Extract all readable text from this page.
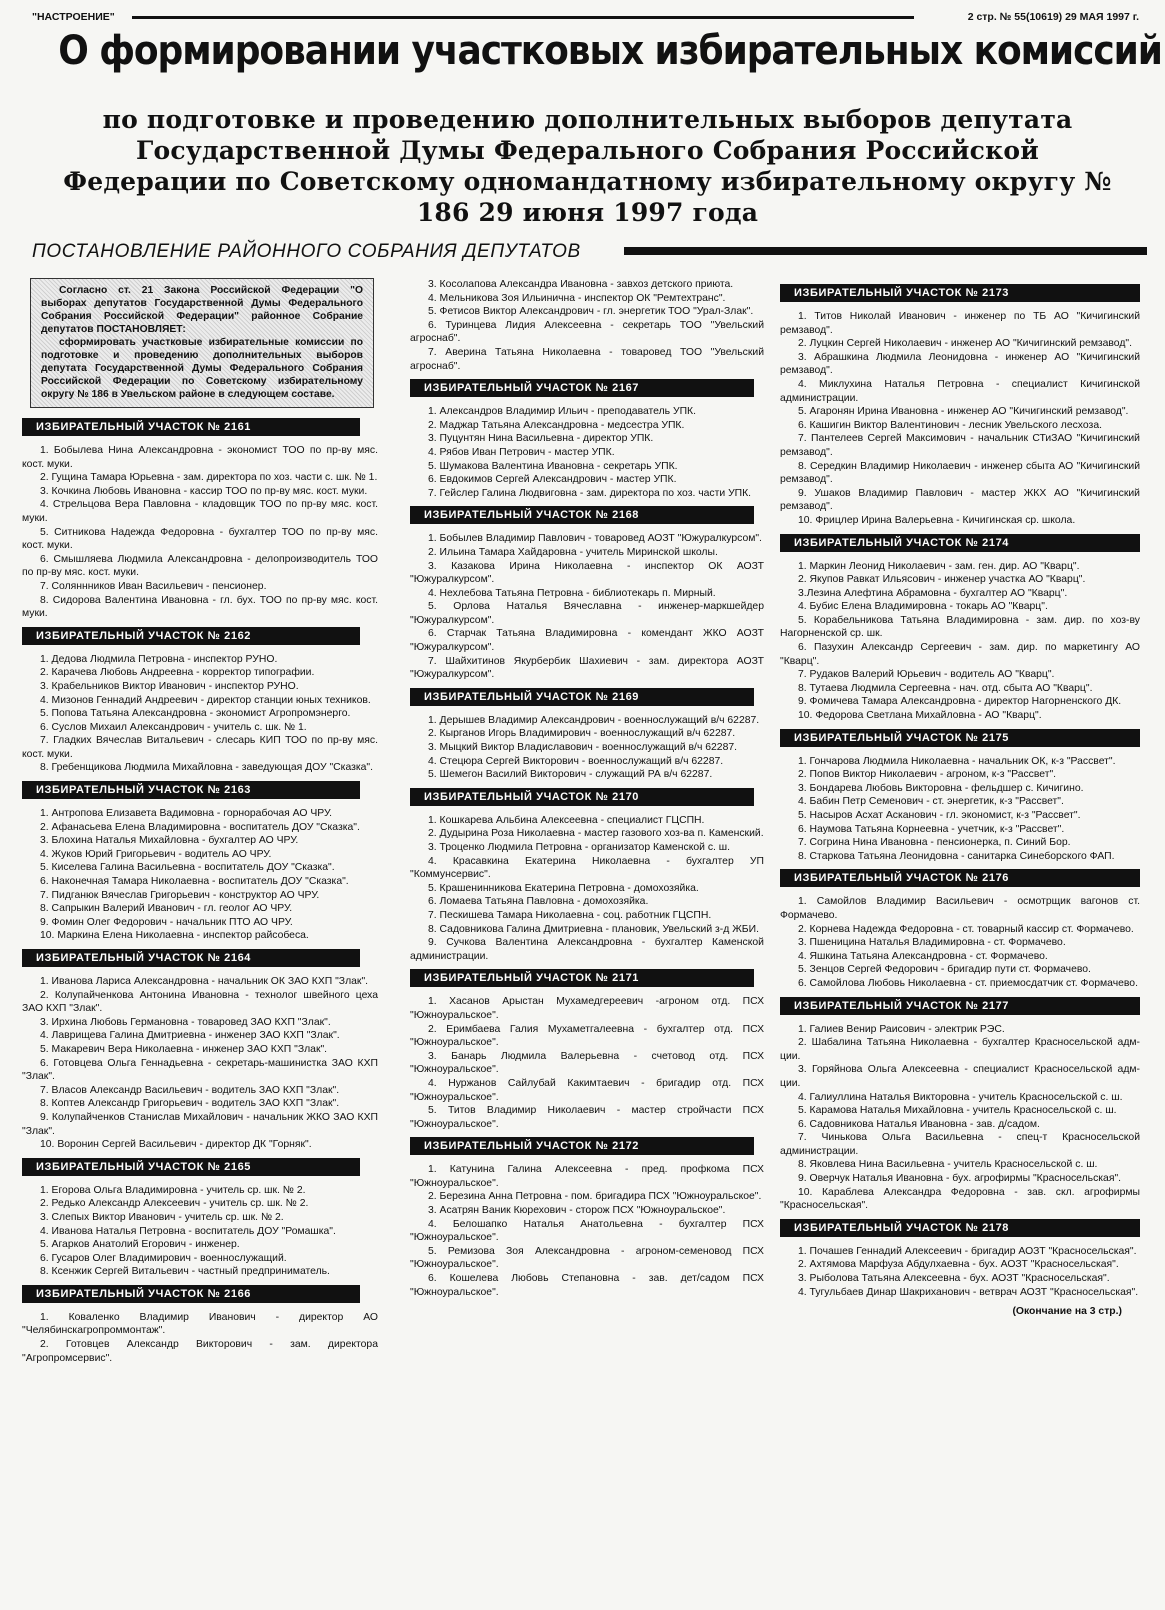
"НАСТРОЕНИЕ"	2 стр. № 55(10619) 29 МАЯ 1997 г.
О формировании участковых избирательных комиссий
по подготовке и проведению дополнительных выборов депутата Государственной Думы Федерального Собрания Российской Федерации по Советскому одномандатному избирательному округу № 186 29 июня 1997 года
ПОСТАНОВЛЕНИЕ РАЙОННОГО СОБРАНИЯ ДЕПУТАТОВ

Согласно ст. 21 Закона Российской Федерации "О выборах депутатов Государственной Думы Федерального Собрания Российской Федерации" районное Собрание депутатов ПОСТАНОВЛЯЕТ:

сформировать участковые избирательные комиссии по подготовке и проведению дополнительных выборов депутата Государственной Думы Федерального Собрания Российской Федерации по Советскому избирательному округу № 186 в Увельском районе в следующем составе.

ИЗБИРАТЕЛЬНЫЙ УЧАСТОК № 2161

1. Бобылева Нина Александровна - экономист ТОО по пр-ву мяс. кост. муки.

2. Гущина Тамара Юрьевна - зам. директора по хоз. части с. шк. № 1.

3. Кочкина Любовь Ивановна - кассир ТОО по пр-ву мяс. кост. муки.

4. Стрельцова Вера Павловна - кладовщик ТОО по пр-ву мяс. кост. муки.

5. Ситникова Надежда Федоровна - бухгалтер ТОО по пр-ву мяс. кост. муки.

6. Смышляева Людмила Александровна - делопроизводитель ТОО по пр-ву мяс. кост. муки.

7. Соляннников Иван Васильевич - пенсионер.

8. Сидорова Валентина Ивановна - гл. бух. ТОО по пр-ву мяс. кост. муки.

ИЗБИРАТЕЛЬНЫЙ УЧАСТОК № 2162

1. Дедова Людмила Петровна - инспектор РУНО.

2. Карачева Любовь Андреевна - корректор типографии.

3. Крабельников Виктор Иванович - инспектор РУНО.

4. Мизонов Геннадий Андреевич - директор станции юных техников.

5. Попова Татьяна Александровна - экономист Агропромэнерго.

6. Суслов Михаил Александрович - учитель с. шк. № 1.

7. Гладких Вячеслав Витальевич - слесарь КИП ТОО по пр-ву мяс. кост. муки.

8. Гребенщикова Людмила Михайловна - заведующая ДОУ "Сказка".

ИЗБИРАТЕЛЬНЫЙ УЧАСТОК № 2163

1. Антропова Елизавета Вадимовна - горнорабочая АО ЧРУ.

2. Афанасьева Елена Владимировна - воспитатель ДОУ "Сказка".

3. Блохина Наталья Михайловна - бухгалтер АО ЧРУ.

4. Жуков Юрий Григорьевич - водитель АО ЧРУ.

5. Киселева Галина Васильевна - воспитатель ДОУ "Сказка".

6. Наконечная Тамара Николаевна - воспитатель ДОУ "Сказка".

7. Пидганюк Вячеслав Григорьевич - конструктор АО ЧРУ.

8. Сапрыкин Валерий Иванович - гл. геолог АО ЧРУ.

9. Фомин Олег Федорович - начальник ПТО АО ЧРУ.

10. Маркина Елена Николаевна - инспектор райсобеса.

ИЗБИРАТЕЛЬНЫЙ УЧАСТОК № 2164

1. Иванова Лариса Александровна - начальник ОК ЗАО КХП "Злак".

2. Колупайченкова Антонина Ивановна - технолог швейного цеха ЗАО КХП "Злак".

3. Ирхина Любовь Германовна - товаровед ЗАО КХП "Злак".

4. Лаврищева Галина Дмитриевна - инженер ЗАО КХП "Злак".

5. Макаревич Вера Николаевна - инженер ЗАО КХП "Злак".

6. Готовцева Ольга Геннадьевна - секретарь-машинистка ЗАО КХП "Злак".

7. Власов Александр Васильевич - водитель ЗАО КХП "Злак".

8. Коптев Александр Григорьевич - водитель ЗАО КХП "Злак".

9. Колупайченков Станислав Михайлович - начальник ЖКО ЗАО КХП "Злак".

10. Воронин Сергей Васильевич - директор ДК "Горняк".

ИЗБИРАТЕЛЬНЫЙ УЧАСТОК № 2165

1. Егорова Ольга Владимировна - учитель ср. шк. № 2.

2. Редько Александр Алексеевич - учитель ср. шк. № 2.

3. Слепых Виктор Иванович - учитель ср. шк. № 2.

4. Иванова Наталья Петровна - воспитатель ДОУ "Ромашка".

5. Агарков Анатолий Егорович - инженер.

6. Гусаров Олег Владимирович - военнослужащий.

8. Ксенжик Сергей Витальевич - частный предприниматель.

ИЗБИРАТЕЛЬНЫЙ УЧАСТОК № 2166

1. Коваленко Владимир Иванович - директор АО "Челябинскагропроммонтаж".

2. Готовцев Александр Викторович - зам. директора "Агропромсервис".

3. Косолапова Александра Ивановна - завхоз детского приюта.

4. Мельникова Зоя Ильинична - инспектор ОК "Ремтехтранс".

5. Фетисов Виктор Александрович - гл. энергетик ТОО "Урал-Злак".

6. Туринцева Лидия Алексеевна - секретарь ТОО "Увельский агроснаб".

7. Аверина Татьяна Николаевна - товаровед ТОО "Увельский агроснаб".

ИЗБИРАТЕЛЬНЫЙ УЧАСТОК № 2167

1. Александров Владимир Ильич - преподаватель УПК.

2. Маджар Татьяна Александровна - медсестра УПК.

3. Пуцунтян Нина Васильевна - директор УПК.

4. Рябов Иван Петрович - мастер УПК.

5. Шумакова Валентина Ивановна - секретарь УПК.

6. Евдокимов Сергей Александрович - мастер УПК.

7. Гейслер Галина Людвиговна - зам. директора по хоз. части УПК.

ИЗБИРАТЕЛЬНЫЙ УЧАСТОК № 2168

1. Бобылев Владимир Павлович - товаровед АОЗТ "Южуралкурсом".

2. Ильина Тамара Хайдаровна - учитель Миринской школы.

3. Казакова Ирина Николаевна - инспектор ОК АОЗТ "Южуралкурсом".

4. Нехлебова Татьяна Петровна - библиотекарь п. Мирный.

5. Орлова Наталья Вячеславна - инженер-маркшейдер "Южуралкурсом".

6. Старчак Татьяна Владимировна - комендант ЖКО АОЗТ "Южуралкурсом".

7. Шайхитинов Якурбербик Шахиевич - зам. директора АОЗТ "Южуралкурсом".

ИЗБИРАТЕЛЬНЫЙ УЧАСТОК № 2169

1. Дерышев Владимир Александрович - военнослужащий в/ч 62287.

2. Кырганов Игорь Владимирович - военнослужащий в/ч 62287.

3. Мыцкий Виктор Владиславович - военнослужащий в/ч 62287.

4. Стецюра Сергей Викторович - военнослужащий в/ч 62287.

5. Шемегон Василий Викторович - служащий РА в/ч 62287.

ИЗБИРАТЕЛЬНЫЙ УЧАСТОК № 2170

1. Кошкарева Альбина Алексеевна - специалист ГЦСПН.

2. Дудырина Роза Николаевна - мастер газового хоз-ва п. Каменский.

3. Троценко Людмила Петровна - организатор Каменской с. ш.

4. Красавкина Екатерина Николаевна - бухгалтер УП "Коммунсервис".

5. Крашенинникова Екатерина Петровна - домохозяйка.

6. Ломаева Татьяна Павловна - домохозяйка.

7. Пескишева Тамара Николаевна - соц. работник ГЦСПН.

8. Садовникова Галина Дмитриевна - плановик, Увельский з-д ЖБИ.

9. Сучкова Валентина Александровна - бухгалтер Каменской администрации.

ИЗБИРАТЕЛЬНЫЙ УЧАСТОК № 2171

1. Хасанов Арыстан Мухамедгереевич -агроном отд. ПСХ "Южноуральское".

2. Еримбаева Галия Мухаметгалеевна - бухгалтер отд. ПСХ "Южноуральское".

3. Банарь Людмила Валерьевна - счетовод отд. ПСХ "Южноуральское".

4. Нуржанов Сайлубай Какимтаевич - бригадир отд. ПСХ "Южноуральское".

5. Титов Владимир Николаевич - мастер стройчасти ПСХ "Южноуральское".

ИЗБИРАТЕЛЬНЫЙ УЧАСТОК № 2172

1. Катунина Галина Алексеевна - пред. профкома ПСХ "Южноуральское".

2. Березина Анна Петровна - пом. бригадира ПСХ "Южноуральское".

3. Асатрян Ваник Кюрехович - сторож ПСХ "Южноуральское".

4. Белошапко Наталья Анатольевна - бухгалтер ПСХ "Южноуральское".

5. Ремизова Зоя Александровна - агроном-семеновод ПСХ "Южноуральское".

6. Кошелева Любовь Степановна - зав. дет/садом ПСХ "Южноуральское".

ИЗБИРАТЕЛЬНЫЙ УЧАСТОК № 2173

1. Титов Николай Иванович - инженер по ТБ АО "Кичигинский ремзавод".

2. Луцкин Сергей Николаевич - инженер АО "Кичигинский ремзавод".

3. Абрашкина Людмила Леонидовна - инженер АО "Кичигинский ремзавод".

4. Миклухина Наталья Петровна - специалист Кичигинской администрации.

5. Агаронян Ирина Ивановна - инженер АО "Кичигинский ремзавод".

6. Кашигин Виктор Валентинович - лесник Увельского лесхоза.

7. Пантелеев Сергей Максимович - начальник СТиЗАО "Кичигинский ремзавод".

8. Середкин Владимир Николаевич - инженер сбыта АО "Кичигинский ремзавод".

9. Ушаков Владимир Павлович - мастер ЖКХ АО "Кичигинский ремзавод".

10. Фрицлер Ирина Валерьевна - Кичигинская ср. школа.

ИЗБИРАТЕЛЬНЫЙ УЧАСТОК № 2174

1. Маркин Леонид Николаевич - зам. ген. дир. АО "Кварц".

2. Якупов Равкат Ильясович - инженер участка АО "Кварц".

3.Лезина Алефтина Абрамовна - бухгалтер АО "Кварц".

4. Бубис Елена Владимировна - токарь АО "Кварц".

5. Корабельникова Татьяна Владимировна - зам. дир. по хоз-ву Нагорненской ср. шк.

6. Пазухин Александр Сергеевич - зам. дир. по маркетингу АО "Кварц".

7. Рудаков Валерий Юрьевич - водитель АО "Кварц".

8. Тутаева Людмила Сергеевна - нач. отд. сбыта АО "Кварц".

9. Фомичева Тамара Александровна - директор Нагорненского ДК.

10. Федорова Светлана Михайловна - АО "Кварц".

ИЗБИРАТЕЛЬНЫЙ УЧАСТОК № 2175

1. Гончарова Людмила Николаевна - начальник ОК, к-з "Рассвет".

2. Попов Виктор Николаевич - агроном, к-з "Рассвет".

3. Бондарева Любовь Викторовна - фельдшер с. Кичигино.

4. Бабин Петр Семенович - ст. энергетик, к-з "Рассвет".

5. Насыров Асхат Асканович - гл. экономист, к-з "Рассвет".

6. Наумова Татьяна Корнеевна - учетчик, к-з "Рассвет".

7. Согрина Нина Ивановна - пенсионерка, п. Синий Бор.

8. Старкова Татьяна Леонидовна - санитарка Синеборского ФАП.

ИЗБИРАТЕЛЬНЫЙ УЧАСТОК № 2176

1. Самойлов Владимир Васильевич - осмотрщик вагонов ст. Формачево.

2. Корнева Надежда Федоровна - ст. товарный кассир ст. Формачево.

3. Пшеницина Наталья Владимировна - ст. Формачево.

4. Яшкина Татьяна Александровна - ст. Формачево.

5. Зенцов Сергей Федорович - бригадир пути ст. Формачево.

6. Самойлова Любовь Николаевна - ст. приемосдатчик ст. Формачево.

ИЗБИРАТЕЛЬНЫЙ УЧАСТОК № 2177

1. Галиев Венир Раисович - электрик РЭС.

2. Шабалина Татьяна Николаевна - бухгалтер Красносельской адм-ции.

3. Горяйнова Ольга Алексеевна - специалист Красносельской адм-ции.

4. Галиуллина Наталья Викторовна - учитель Красносельской с. ш.

5. Карамова Наталья Михайловна - учитель Красносельской с. ш.

6. Садовникова Наталья Ивановна - зав. д/садом.

7. Чинькова Ольга Васильевна - спец-т Красносельской администрации.

8. Яковлева Нина Васильевна - учитель Красносельской с. ш.

9. Оверчук Наталья Ивановна - бух. агрофирмы "Красносельская".

10. Караблева Александра Федоровна - зав. скл. агрофирмы "Красносельская".

ИЗБИРАТЕЛЬНЫЙ УЧАСТОК № 2178

1. Почашев Геннадий Алексеевич - бригадир АОЗТ "Красносельская".

2. Ахтямова Марфуза Абдулхаевна - бух. АОЗТ "Красносельская".

3. Рыболова Татьяна Алексеевна - бух. АОЗТ "Красносельская".

4. Тугульбаев Динар Шакриханович - ветврач АОЗТ "Красносельская".

(Окончание на 3 стр.)
